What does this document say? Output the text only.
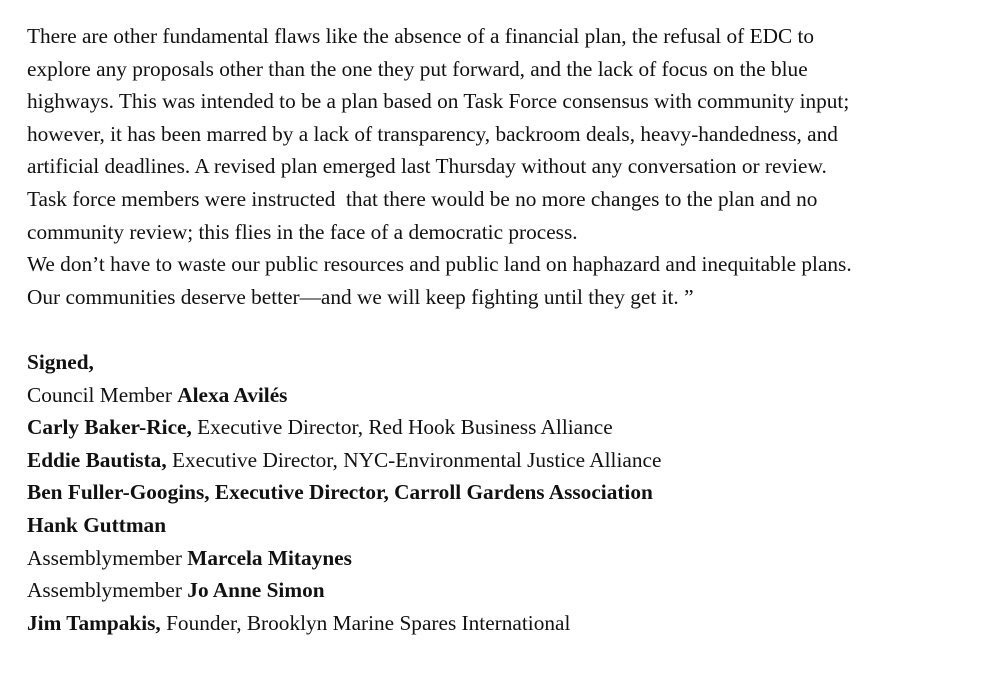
There are other fundamental flaws like the absence of a financial plan, the refusal of EDC to
explore any proposals other than the one they put forward, and the lack of focus on the blue
highways. This was intended to be a plan based on Task Force consensus with community input;
however, it has been marred by a lack of transparency, backroom deals, heavy-handedness, and
artificial deadlines. A revised plan emerged last Thursday without any conversation or review.
Task force members were instructed  that there would be no more changes to the plan and no
community review; this flies in the face of a democratic process.
We don’t have to waste our public resources and public land on haphazard and inequitable plans.
Our communities deserve better—and we will keep fighting until they get it. ”
Signed,
Council Member Alexa Avilés
Carly Baker-Rice, Executive Director, Red Hook Business Alliance
Eddie Bautista, Executive Director, NYC-Environmental Justice Alliance
Ben Fuller-Googins, Executive Director, Carroll Gardens Association
Hank Guttman
Assemblymember Marcela Mitaynes
Assemblymember Jo Anne Simon
Jim Tampakis, Founder, Brooklyn Marine Spares International
